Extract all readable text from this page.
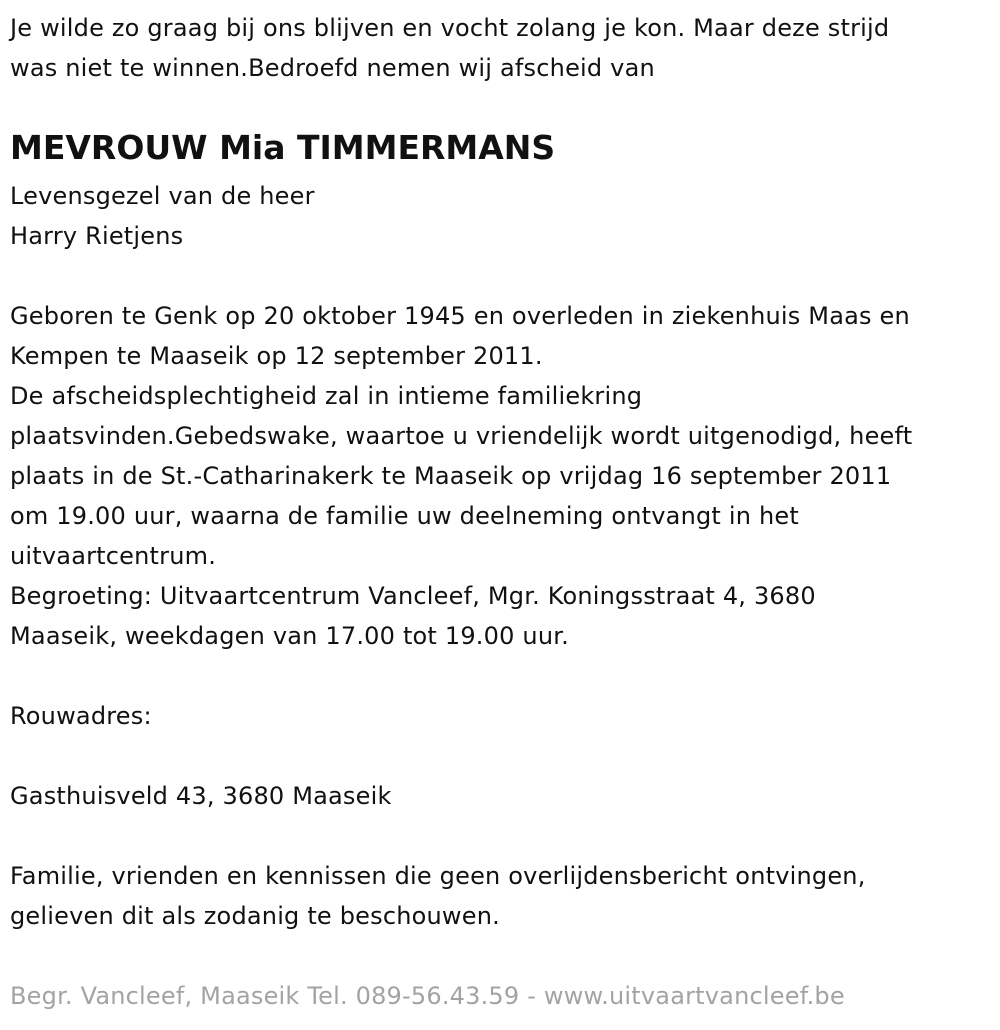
Je wilde zo graag bij ons blijven en vocht zolang je kon. Maar deze strijd
was niet te winnen.Bedroefd nemen wij afscheid van
MEVROUW Mia TIMMERMANS
Levensgezel van de heer
Harry Rietjens
Geboren te Genk op 20 oktober 1945 en overleden in ziekenhuis Maas en
Kempen te Maaseik op 12 september 2011.
De afscheidsplechtigheid zal in intieme familiekring
plaatsvinden.Gebedswake, waartoe u vriendelijk wordt uitgenodigd, heeft
plaats in de St.-Catharinakerk te Maaseik op vrijdag 16 september 2011
om 19.00 uur, waarna de familie uw deelneming ontvangt in het
uitvaartcentrum.
Begroeting: Uitvaartcentrum Vancleef, Mgr. Koningsstraat 4, 3680
Maaseik, weekdagen van 17.00 tot 19.00 uur.
Rouwadres:
Gasthuisveld 43, 3680 Maaseik
Familie, vrienden en kennissen die geen overlijdensbericht ontvingen,
gelieven dit als zodanig te beschouwen.
Begr. Vancleef, Maaseik Tel. 089-56.43.59 - www.uitvaartvancleef.be
